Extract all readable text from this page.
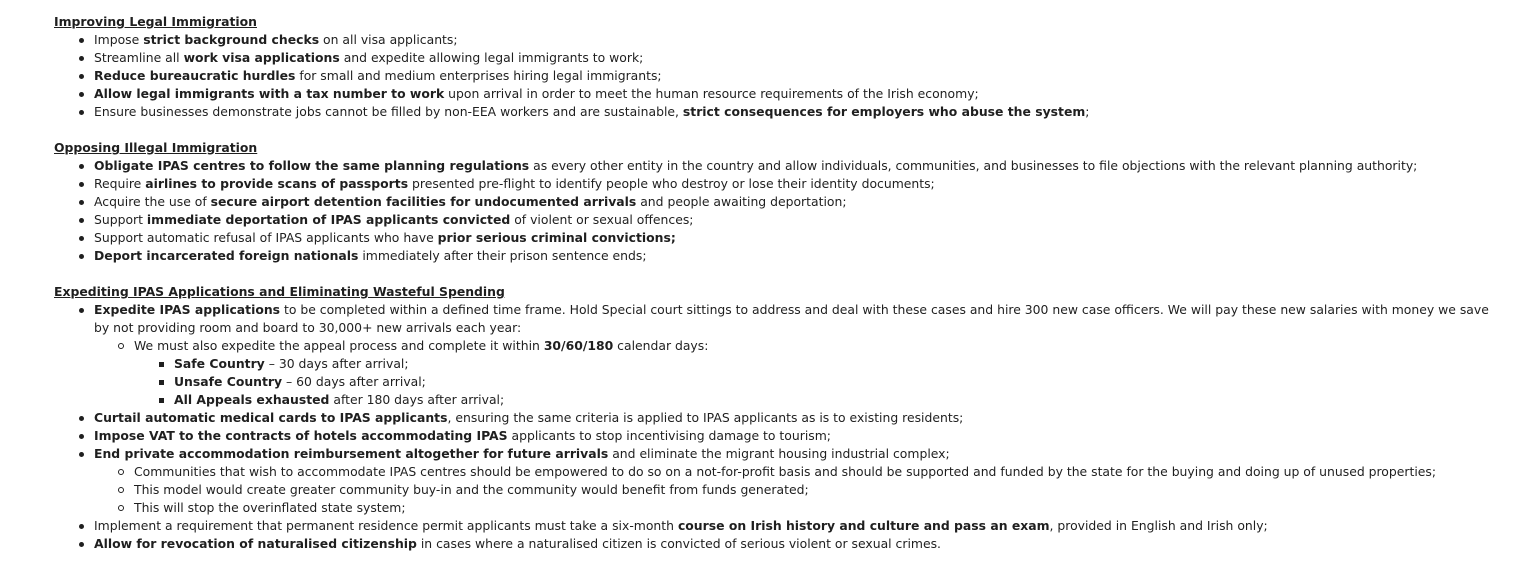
Improving Legal Immigration
Impose strict background checks on all visa applicants;
Streamline all work visa applications and expedite allowing legal immigrants to work;
Reduce bureaucratic hurdles for small and medium enterprises hiring legal immigrants;
Allow legal immigrants with a tax number to work upon arrival in order to meet the human resource requirements of the Irish economy;
Ensure businesses demonstrate jobs cannot be filled by non-EEA workers and are sustainable, strict consequences for employers who abuse the system;
Opposing Illegal Immigration
Obligate IPAS centres to follow the same planning regulations as every other entity in the country and allow individuals, communities, and businesses to file objections with the relevant planning authority;
Require airlines to provide scans of passports presented pre-flight to identify people who destroy or lose their identity documents;
Acquire the use of secure airport detention facilities for undocumented arrivals and people awaiting deportation;
Support immediate deportation of IPAS applicants convicted of violent or sexual offences;
Support automatic refusal of IPAS applicants who have prior serious criminal convictions;
Deport incarcerated foreign nationals immediately after their prison sentence ends;
Expediting IPAS Applications and Eliminating Wasteful Spending
Expedite IPAS applications to be completed within a defined time frame. Hold Special court sittings to address and deal with these cases and hire 300 new case officers. We will pay these new salaries with money we save by not providing room and board to 30,000+ new arrivals each year:
We must also expedite the appeal process and complete it within 30/60/180 calendar days:
Safe Country – 30 days after arrival;
Unsafe Country – 60 days after arrival;
All Appeals exhausted after 180 days after arrival;
Curtail automatic medical cards to IPAS applicants, ensuring the same criteria is applied to IPAS applicants as is to existing residents;
Impose VAT to the contracts of hotels accommodating IPAS applicants to stop incentivising damage to tourism;
End private accommodation reimbursement altogether for future arrivals and eliminate the migrant housing industrial complex;
Communities that wish to accommodate IPAS centres should be empowered to do so on a not-for-profit basis and should be supported and funded by the state for the buying and doing up of unused properties;
This model would create greater community buy-in and the community would benefit from funds generated;
This will stop the overinflated state system;
Implement a requirement that permanent residence permit applicants must take a six-month course on Irish history and culture and pass an exam, provided in English and Irish only;
Allow for revocation of naturalised citizenship in cases where a naturalised citizen is convicted of serious violent or sexual crimes.
